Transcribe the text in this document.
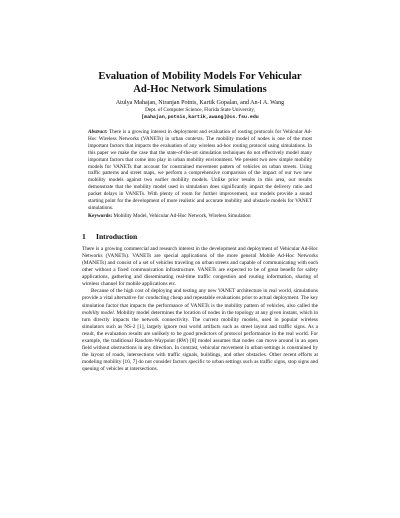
Evaluation of Mobility Models For Vehicular
Ad-Hoc Network Simulations
Atulya Mahajan, Niranjan Potnis, Kartik Gopalan, and An-I A. Wang
Dept. of Computer Science, Florida State University,
[mahajan,potnis,kartik,awang]@cs.fsu.edu
Abstract: There is a growing interest in deployment and evaluation of routing protocols for Vehicular Ad-Hoc Wireless Networks (VANETs) in urban contexts. The mobility model of nodes is one of the most important factors that impacts the evaluation of any wireless ad-hoc routing protocol using simulations. In this paper we make the case that the state-of-the-art simulation techniques do not effectively model many important factors that come into play in urban mobility environment. We present two new simple mobility models for VANETs that account for constrained movement pattern of vehicles on urban streets. Using traffic patterns and street maps, we perform a comprehensive comparison of the impact of our two new mobility models against two earlier mobility models. Unlike prior results in this area, our results demonstrate that the mobility model used in simulation does significantly impact the delivery ratio and packet delays in VANETs. With plenty of room for further improvement, our models provide a sound starting point for the development of more realistic and accurate mobility and obstacle models for VANET simulations.
Keywords: Mobility Model, Vehicular Ad-Hoc Network, Wireless Simulation
1 Introduction

There is a growing commercial and research interest in the development and deployment of Vehicular Ad-Hoc Networks (VANETs). VANETs are special applications of the more general Mobile Ad-Hoc Networks (MANETs) and consist of a set of vehicles traveling on urban streets and capable of communicating with each other without a fixed communication infrastructure. VANETs are expected to be of great benefit for safety applications, gathering and disseminating real-time traffic congestion and routing information, sharing of wireless channel for mobile applications etc.

Because of the high cost of deploying and testing any new VANET architecture in real world, simulations provide a vital alternative for conducting cheap and repeatable evaluations prior to actual deployment. The key simulation factor that impacts the performance of VANETs is the mobility pattern of vehicles, also called the mobility model. Mobility model determines the location of nodes in the topology at any given instant, which in turn directly impacts the network connectivity. The current mobility models, used in popular wireless simulators such as NS-2 [1], largely ignore real world artifacts such as street layout and traffic signs. As a result, the evaluation results are unlikely to be good predictors of protocol performance in the real world. For example, the traditional Random-Waypoint (RW) [8] model assumes that nodes can move around in an open field without obstructions in any direction. In contrast, vehicular movement in urban settings is constrained by the layout of roads, intersections with traffic signals, buildings, and other obstacles. Other recent efforts at modeling mobility [10, 7] do not consider factors specific to urban settings such as traffic signs, stop signs and queuing of vehicles at intersections.
